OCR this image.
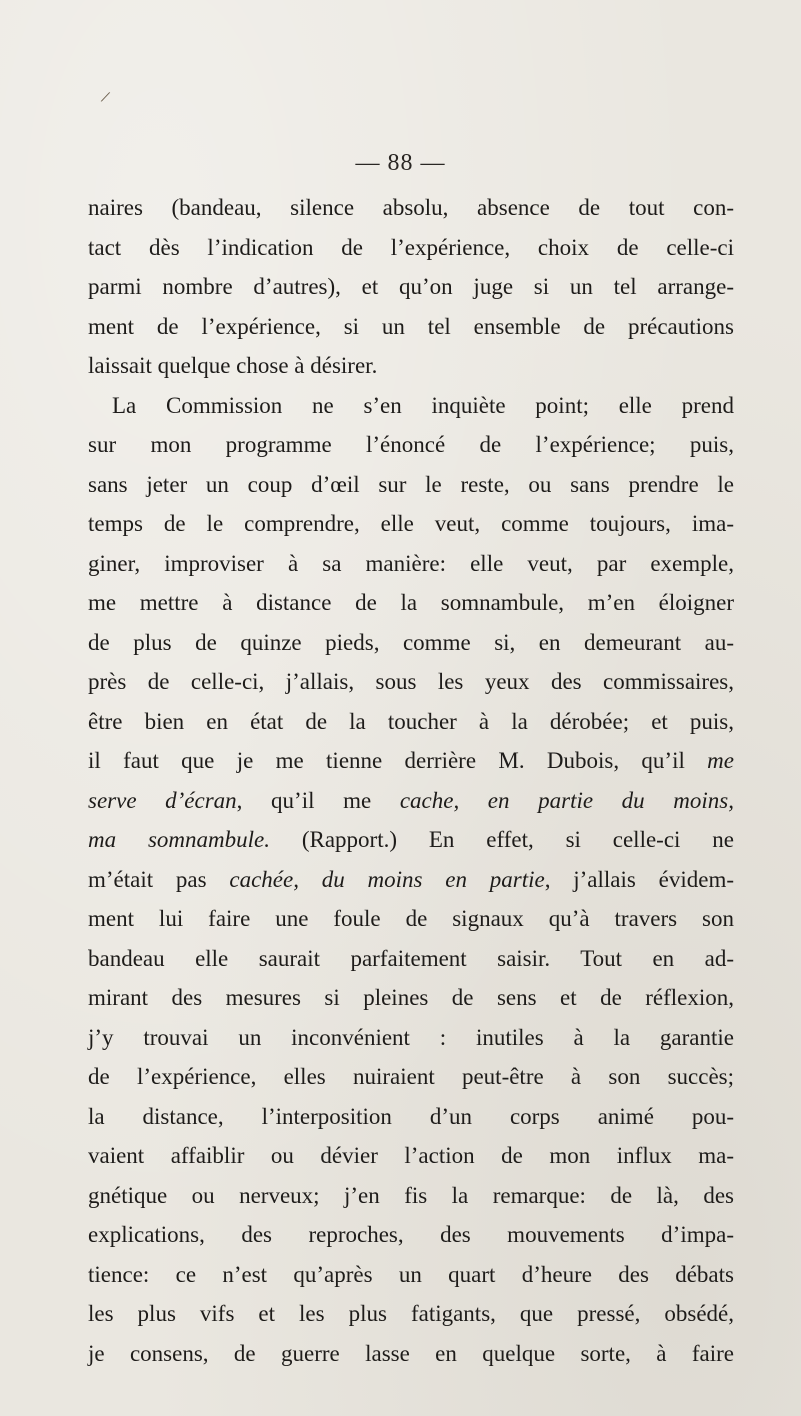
⁄
— 88 —
naires (bandeau, silence absolu, absence de tout con-
tact dès l’indication de l’expérience, choix de celle-ci
parmi nombre d’autres), et qu’on juge si un tel arrange-
ment de l’expérience, si un tel ensemble de précautions
laissait quelque chose à désirer.
La Commission ne s’en inquiète point; elle prend
sur mon programme l’énoncé de l’expérience; puis,
sans jeter un coup d’œil sur le reste, ou sans prendre le
temps de le comprendre, elle veut, comme toujours, ima-
giner, improviser à sa manière: elle veut, par exemple,
me mettre à distance de la somnambule, m’en éloigner
de plus de quinze pieds, comme si, en demeurant au-
près de celle-ci, j’allais, sous les yeux des commissaires,
être bien en état de la toucher à la dérobée; et puis,
il faut que je me tienne derrière M. Dubois, qu’il me
serve d’écran, qu’il me cache, en partie du moins,
ma somnambule. (Rapport.) En effet, si celle-ci ne
m’était pas cachée, du moins en partie, j’allais évidem-
ment lui faire une foule de signaux qu’à travers son
bandeau elle saurait parfaitement saisir. Tout en ad-
mirant des mesures si pleines de sens et de réflexion,
j’y trouvai un inconvénient : inutiles à la garantie
de l’expérience, elles nuiraient peut-être à son succès;
la distance, l’interposition d’un corps animé pou-
vaient affaiblir ou dévier l’action de mon influx ma-
gnétique ou nerveux; j’en fis la remarque: de là, des
explications, des reproches, des mouvements d’impa-
tience: ce n’est qu’après un quart d’heure des débats
les plus vifs et les plus fatigants, que pressé, obsédé,
je consens, de guerre lasse en quelque sorte, à faire
